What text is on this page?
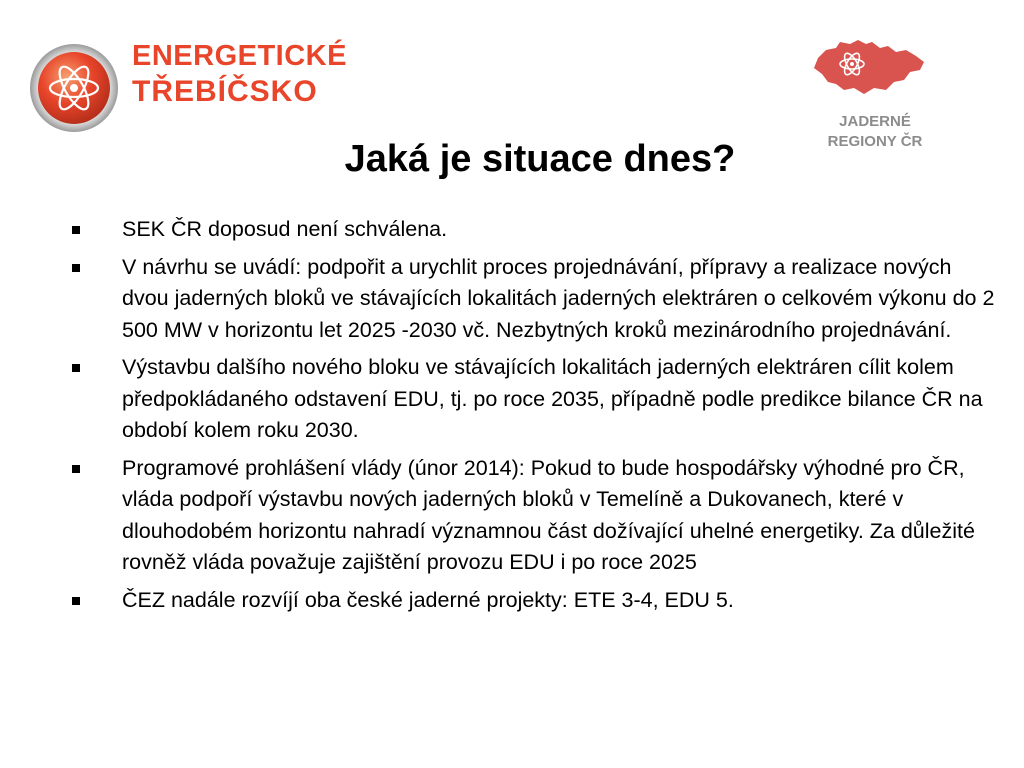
ENERGETICKÉ
TŘEBÍČSKO
JADERNÉ
REGIONY ČR
Jaká je situace dnes?
SEK ČR doposud není schválena.
V návrhu se uvádí: podpořit a urychlit proces projednávání, přípravy a realizace nových dvou jaderných bloků ve stávajících lokalitách jaderných elektráren o celkovém výkonu do 2 500 MW v horizontu let 2025 -2030 vč. Nezbytných kroků mezinárodního projednávání.
Výstavbu dalšího nového bloku ve stávajících lokalitách jaderných elektráren cílit kolem předpokládaného odstavení EDU, tj. po roce 2035, případně podle predikce bilance ČR na období kolem roku 2030.
Programové prohlášení vlády (únor 2014): Pokud to bude hospodářsky výhodné pro ČR, vláda podpoří výstavbu nových jaderných bloků v Temelíně a Dukovanech, které v dlouhodobém horizontu nahradí významnou část dožívající uhelné energetiky. Za důležité rovněž vláda považuje zajištění provozu EDU i po roce 2025
ČEZ nadále rozvíjí oba české jaderné projekty: ETE 3-4, EDU 5.
